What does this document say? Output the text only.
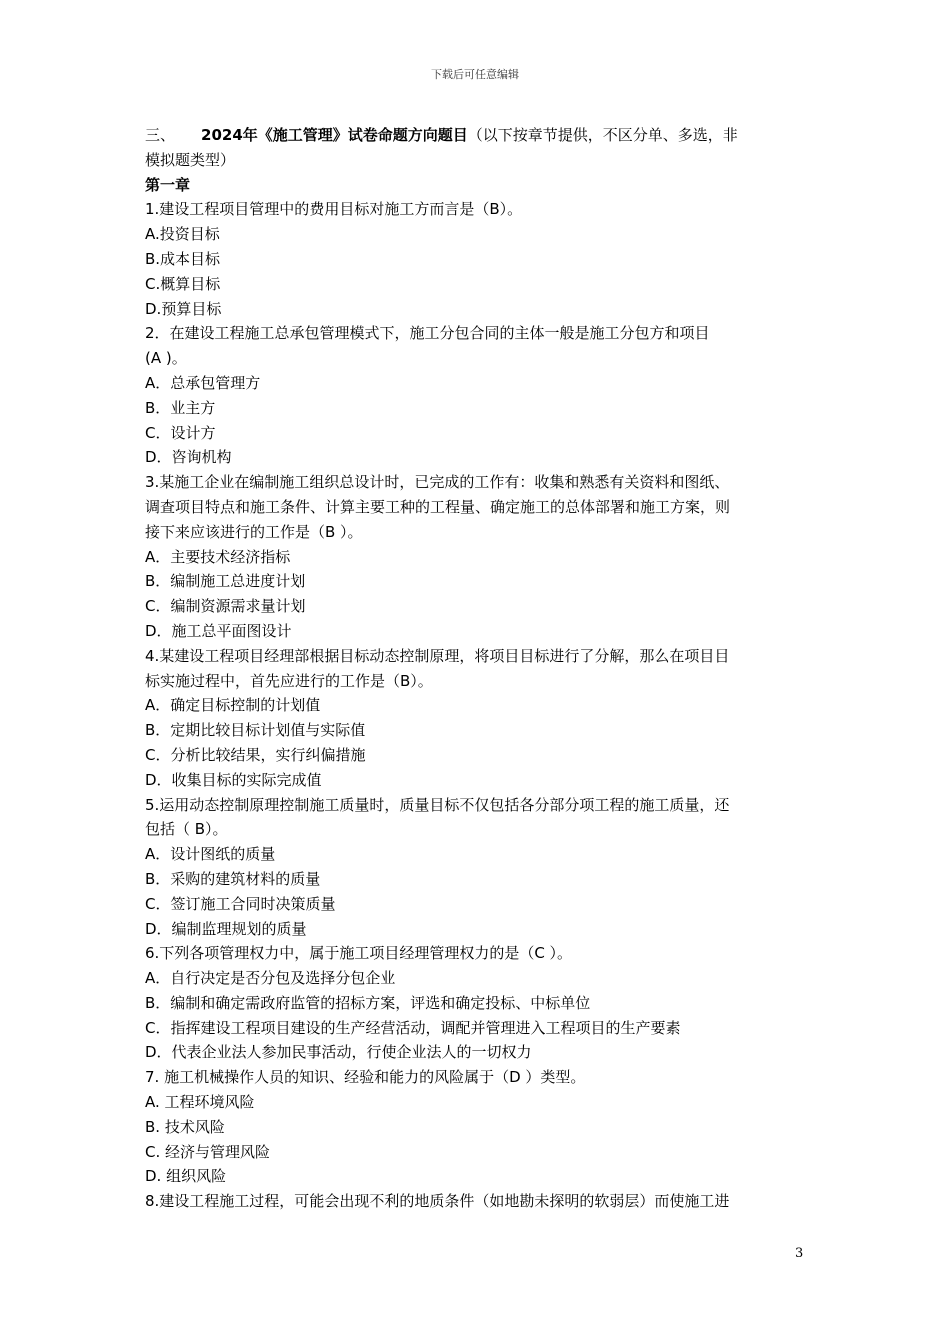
下载后可任意编辑
三、 2024年《施工管理》试卷命题方向题目（以下按章节提供，不区分单、多选，非
模拟题类型）
第一章
1.建设工程项目管理中的费用目标对施工方而言是（B）。
A.投资目标
B.成本目标
C.概算目标
D.预算目标
2．在建设工程施工总承包管理模式下，施工分包合同的主体一般是施工分包方和项目
(A )。
A．总承包管理方
B．业主方
C．设计方
D．咨询机构
3.某施工企业在编制施工组织总设计时，已完成的工作有：收集和熟悉有关资料和图纸、
调查项目特点和施工条件、计算主要工种的工程量、确定施工的总体部署和施工方案，则
接下来应该进行的工作是（B ）。
A．主要技术经济指标
B．编制施工总进度计划
C．编制资源需求量计划
D．施工总平面图设计
4.某建设工程项目经理部根据目标动态控制原理，将项目目标进行了分解，那么在项目目
标实施过程中，首先应进行的工作是（B）。
A．确定目标控制的计划值
B．定期比较目标计划值与实际值
C．分析比较结果，实行纠偏措施
D．收集目标的实际完成值
5.运用动态控制原理控制施工质量时，质量目标不仅包括各分部分项工程的施工质量，还
包括（ B）。
A．设计图纸的质量
B．采购的建筑材料的质量
C．签订施工合同时决策质量
D．编制监理规划的质量
6.下列各项管理权力中，属于施工项目经理管理权力的是（C ）。
A．自行决定是否分包及选择分包企业
B．编制和确定需政府监管的招标方案，评选和确定投标、中标单位
C．指挥建设工程项目建设的生产经营活动，调配并管理进入工程项目的生产要素
D．代表企业法人参加民事活动，行使企业法人的一切权力
7. 施工机械操作人员的知识、经验和能力的风险属于（D ）类型。
A. 工程环境风险
B. 技术风险
C. 经济与管理风险
D. 组织风险
8.建设工程施工过程，可能会出现不利的地质条件（如地勘未探明的软弱层）而使施工进
3
